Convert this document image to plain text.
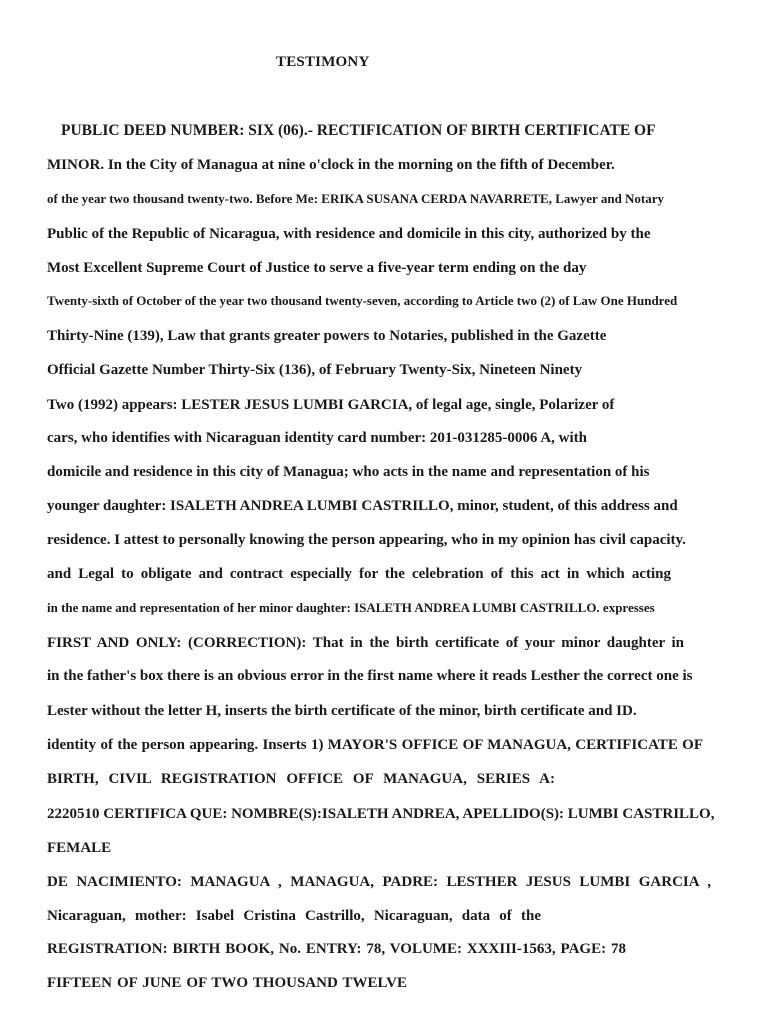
TESTIMONY
PUBLIC DEED NUMBER: SIX (06).- RECTIFICATION OF BIRTH CERTIFICATE OF
MINOR. In the City of Managua at nine o'clock in the morning on the fifth of December.
of the year two thousand twenty-two. Before Me: ERIKA SUSANA CERDA NAVARRETE, Lawyer and Notary
Public of the Republic of Nicaragua, with residence and domicile in this city, authorized by the
Most Excellent Supreme Court of Justice to serve a five-year term ending on the day
Twenty-sixth of October of the year two thousand twenty-seven, according to Article two (2) of Law One Hundred
Thirty-Nine (139), Law that grants greater powers to Notaries, published in the Gazette
Official Gazette Number Thirty-Six (136), of February Twenty-Six, Nineteen Ninety
Two (1992) appears: LESTER JESUS LUMBI GARCIA, of legal age, single, Polarizer of
cars, who identifies with Nicaraguan identity card number: 201-031285-0006 A, with
domicile and residence in this city of Managua; who acts in the name and representation of his
younger daughter: ISALETH ANDREA LUMBI CASTRILLO, minor, student, of this address and
residence. I attest to personally knowing the person appearing, who in my opinion has civil capacity.
and Legal to obligate and contract especially for the celebration of this act in which acting
in the name and representation of her minor daughter: ISALETH ANDREA LUMBI CASTRILLO. expresses
FIRST AND ONLY: (CORRECTION): That in the birth certificate of your minor daughter in
in the father's box there is an obvious error in the first name where it reads Lesther the correct one is
Lester without the letter H, inserts the birth certificate of the minor, birth certificate and ID.
identity of the person appearing. Inserts 1) MAYOR'S OFFICE OF MANAGUA, CERTIFICATE OF
BIRTH, CIVIL REGISTRATION OFFICE OF MANAGUA, SERIES A:
2220510 CERTIFICA QUE: NOMBRE(S):ISALETH ANDREA, APELLIDO(S): LUMBI CASTRILLO,
FEMALE
DE NACIMIENTO: MANAGUA , MANAGUA, PADRE: LESTHER JESUS LUMBI GARCIA ,
Nicaraguan, mother: Isabel Cristina Castrillo, Nicaraguan, data of the
REGISTRATION: BIRTH BOOK, No. ENTRY: 78, VOLUME: XXXIII-1563, PAGE: 78
FIFTEEN OF JUNE OF TWO THOUSAND TWELVE
